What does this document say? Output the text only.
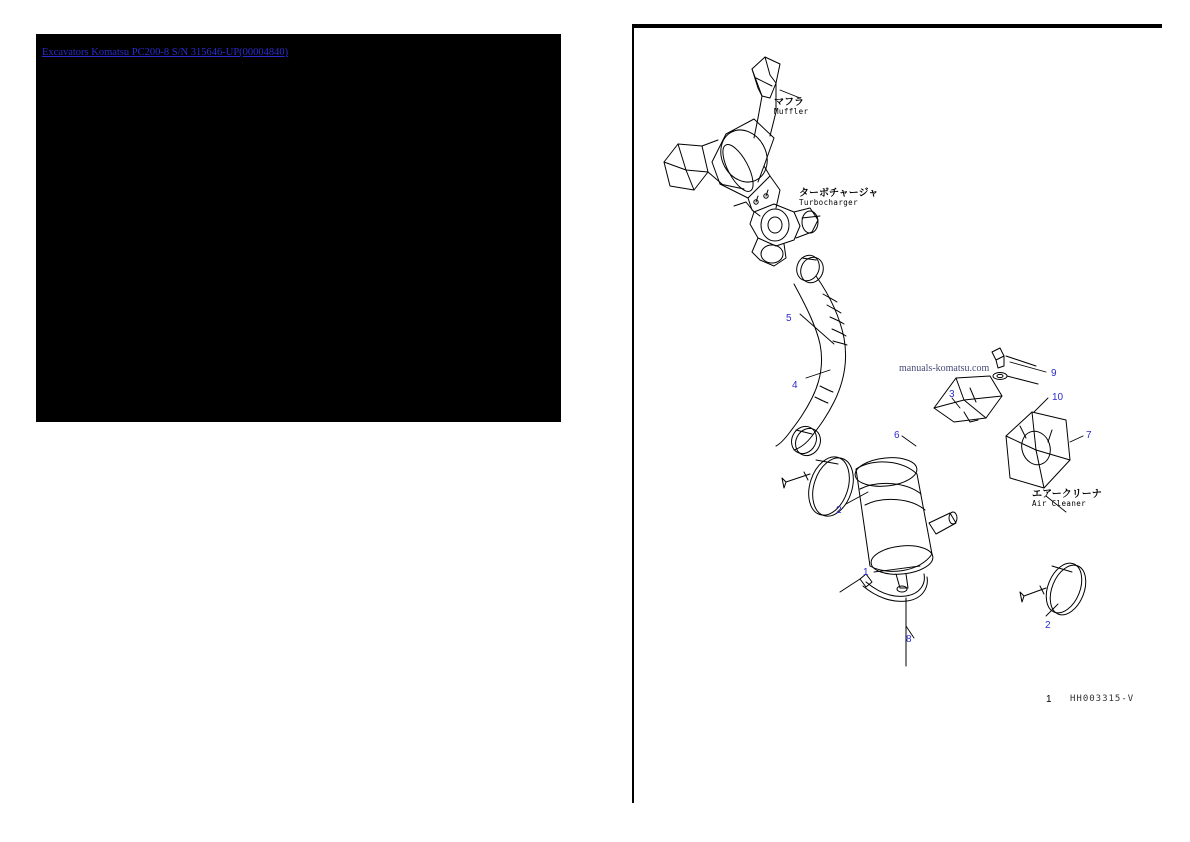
Excavators Komatsu PC200-8 S/N 315646-UP(00004840)
マフラ
Muffler
ターボチャージャ
Turbocharger
エアークリーナ
Air Cleaner
manuals-komatsu.com
HH003315-V
1
5
4
2
6
3
9
10
7
1
2
8
